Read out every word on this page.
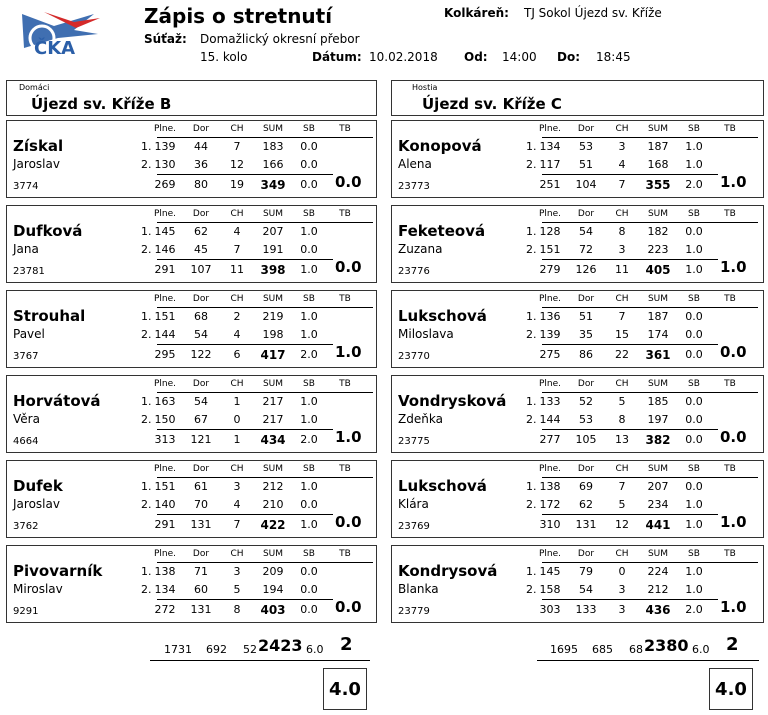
ČKA
Zápis o stretnutí	Kolkáreň: TJ Sokol Újezd sv. Kříže
Súťaž: Domažlický okresní přebor
15. kolo	Dátum: 10.02.2018 Od: 14:00 Do: 18:45
Domáci
Újezd sv. Kříže B
Hostia
Újezd sv. Kříže C
Získal
Jaroslav
3774
Plne.	Dor	CH	SUM	SB	TB
1. 139	44	7	183	0.0
2. 130	36	12	166	0.0
269	80	19	349	0.0	0.0
Dufková
Jana
23781
Plne.	Dor	CH	SUM	SB	TB
1. 145	62	4	207	1.0
2. 146	45	7	191	0.0
291	107	11	398	1.0	0.0
Strouhal
Pavel
3767
Plne.	Dor	CH	SUM	SB	TB
1. 151	68	2	219	1.0
2. 144	54	4	198	1.0
295	122	6	417	2.0	1.0
Horvátová
Věra
4664
Plne.	Dor	CH	SUM	SB	TB
1. 163	54	1	217	1.0
2. 150	67	0	217	1.0
313	121	1	434	2.0	1.0
Dufek
Jaroslav
3762
Plne.	Dor	CH	SUM	SB	TB
1. 151	61	3	212	1.0
2. 140	70	4	210	0.0
291	131	7	422	1.0	0.0
Pivovarník
Miroslav
9291
Plne.	Dor	CH	SUM	SB	TB
1. 138	71	3	209	0.0
2. 134	60	5	194	0.0
272	131	8	403	0.0	0.0
Konopová
Alena
23773
Plne.	Dor	CH	SUM	SB	TB
1. 134	53	3	187	1.0
2. 117	51	4	168	1.0
251	104	7	355	2.0	1.0
Feketeová
Zuzana
23776
Plne.	Dor	CH	SUM	SB	TB
1. 128	54	8	182	0.0
2. 151	72	3	223	1.0
279	126	11	405	1.0	1.0
Lukschová
Miloslava
23770
Plne.	Dor	CH	SUM	SB	TB
1. 136	51	7	187	0.0
2. 139	35	15	174	0.0
275	86	22	361	0.0	0.0
Vondrysková
Zdeňka
23775
Plne.	Dor	CH	SUM	SB	TB
1. 133	52	5	185	0.0
2. 144	53	8	197	0.0
277	105	13	382	0.0	0.0
Lukschová
Klára
23769
Plne.	Dor	CH	SUM	SB	TB
1. 138	69	7	207	0.0
2. 172	62	5	234	1.0
310	131	12	441	1.0	1.0
Kondrysová
Blanka
23779
Plne.	Dor	CH	SUM	SB	TB
1. 145	79	0	224	1.0
2. 158	54	3	212	1.0
303	133	3	436	2.0	1.0
1731 692 52 2423 6.0 2
4.0
1695 685 68 2380 6.0 2
4.0
